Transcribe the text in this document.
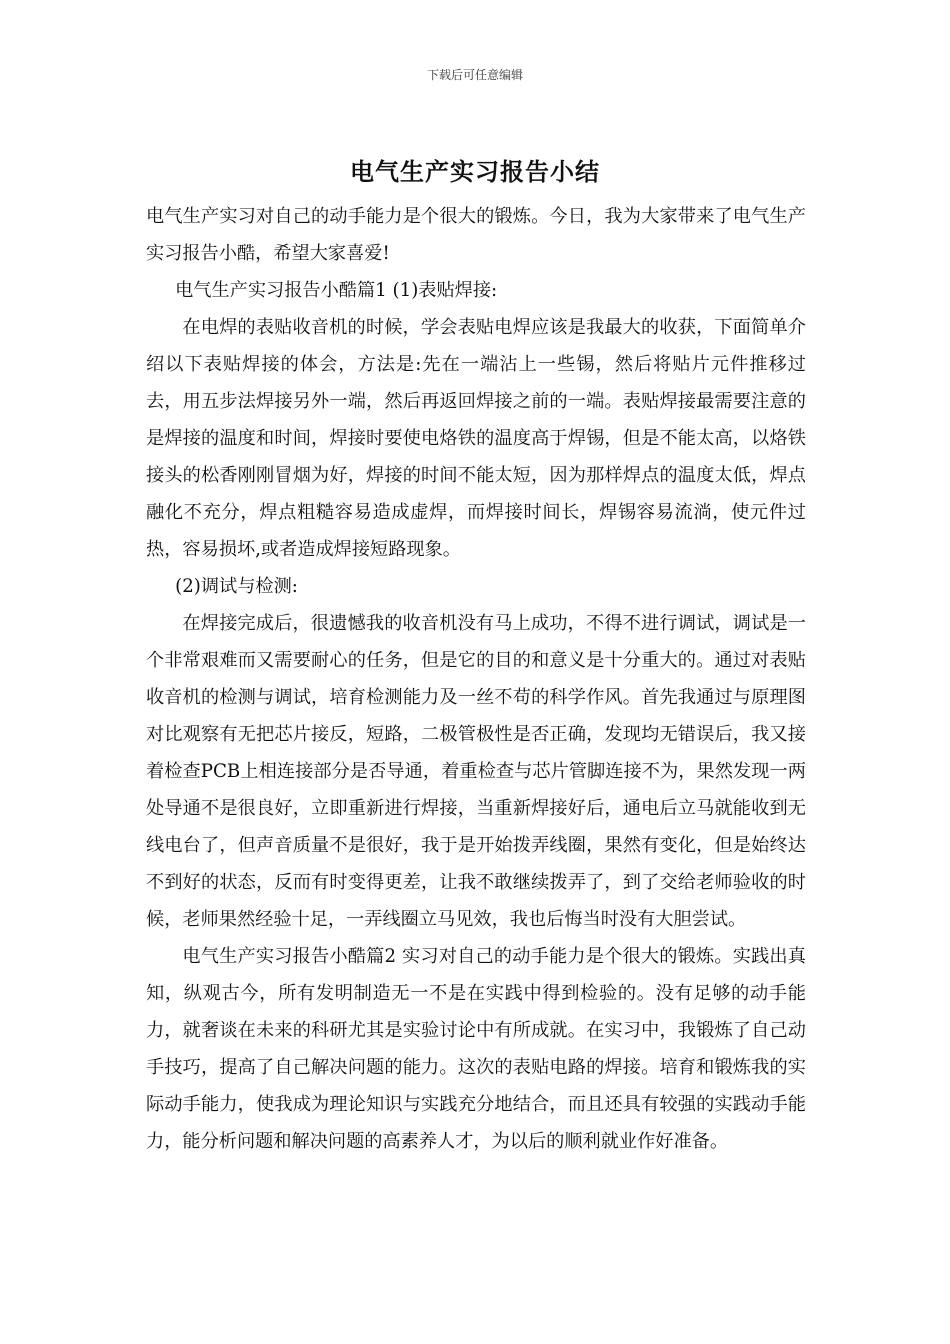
下载后可任意编辑
电气生产实习报告小结

电气生产实习对自己的动手能力是个很大的锻炼。今日，我为大家带来了电气生产实习报告小酷，希望大家喜爱!

电气生产实习报告小酷篇1 (1)表贴焊接:

在电焊的表贴收音机的时候，学会表贴电焊应该是我最大的收获，下面简单介绍以下表贴焊接的体会，方法是:先在一端沾上一些锡，然后将贴片元件推移过去，用五步法焊接另外一端，然后再返回焊接之前的一端。表贴焊接最需要注意的是焊接的温度和时间，焊接时要使电烙铁的温度高于焊锡，但是不能太高，以烙铁接头的松香刚刚冒烟为好，焊接的时间不能太短，因为那样焊点的温度太低，焊点融化不充分，焊点粗糙容易造成虚焊，而焊接时间长，焊锡容易流淌，使元件过热，容易损坏,或者造成焊接短路现象。

(2)调试与检测:

在焊接完成后，很遗憾我的收音机没有马上成功，不得不进行调试，调试是一个非常艰难而又需要耐心的任务，但是它的目的和意义是十分重大的。通过对表贴收音机的检测与调试，培育检测能力及一丝不苟的科学作风。首先我通过与原理图对比观察有无把芯片接反，短路，二极管极性是否正确，发现均无错误后，我又接着检查PCB上相连接部分是否导通，着重检查与芯片管脚连接不为，果然发现一两处导通不是很良好，立即重新进行焊接，当重新焊接好后，通电后立马就能收到无线电台了，但声音质量不是很好，我于是开始拨弄线圈，果然有变化，但是始终达不到好的状态，反而有时变得更差，让我不敢继续拨弄了，到了交给老师验收的时候，老师果然经验十足，一弄线圈立马见效，我也后悔当时没有大胆尝试。

电气生产实习报告小酷篇2 实习对自己的动手能力是个很大的锻炼。实践出真知，纵观古今，所有发明制造无一不是在实践中得到检验的。没有足够的动手能力，就奢谈在未来的科研尤其是实验讨论中有所成就。在实习中，我锻炼了自己动手技巧，提高了自己解决问题的能力。这次的表贴电路的焊接。培育和锻炼我的实际动手能力，使我成为理论知识与实践充分地结合，而且还具有较强的实践动手能力，能分析问题和解决问题的高素养人才，为以后的顺利就业作好准备。
